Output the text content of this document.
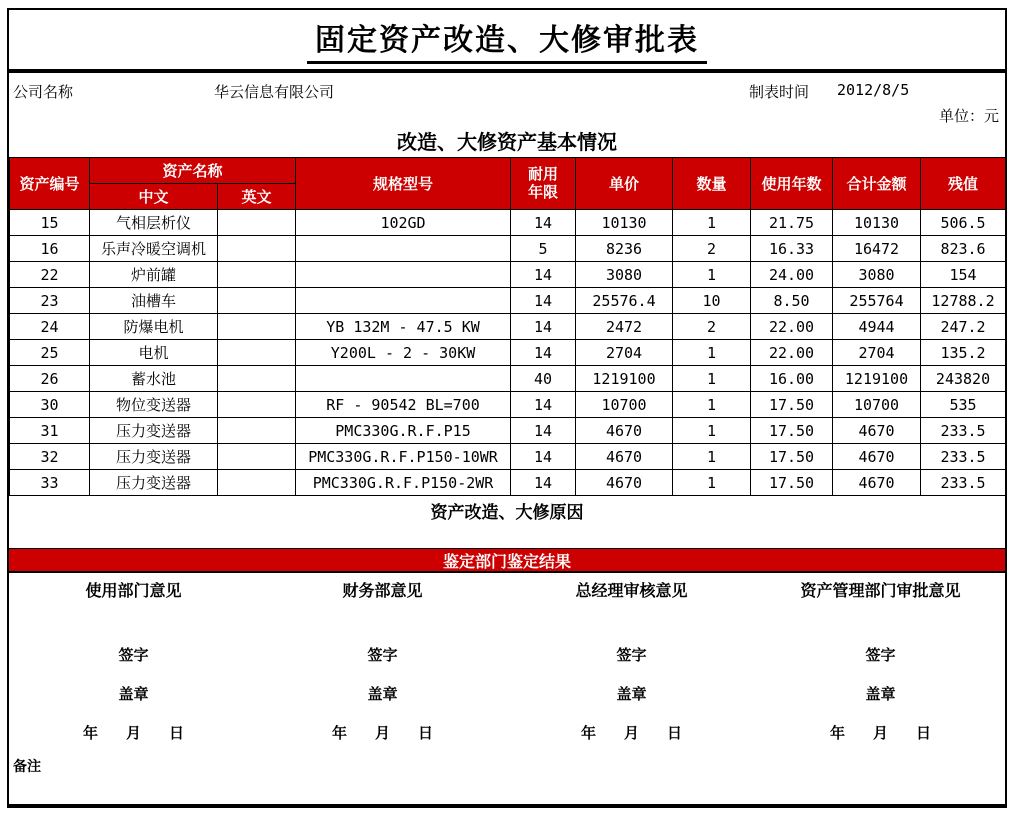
固定资产改造、大修审批表
公司名称	华云信息有限公司	制表时间 2012/8/5
单位：元
改造、大修资产基本情况
资产编号	资产名称		规格型号	耐用年限	单价	数量	使用年数	合计金额	残值
	中文	英文							
15	气相层析仪		102GD	14	10130	1	21.75	10130	506.5
16	乐声冷暖空调机			5	8236	2	16.33	16472	823.6
22	炉前罐			14	3080	1	24.00	3080	154
23	油槽车			14	25576.4	10	8.50	255764	12788.2
24	防爆电机		YB 132M - 47.5 KW	14	2472	2	22.00	4944	247.2
25	电机		Y200L - 2 - 30KW	14	2704	1	22.00	2704	135.2
26	蓄水池			40	1219100	1	16.00	1219100	243820
30	物位变送器		RF - 90542 BL=700	14	10700	1	17.50	10700	535
31	压力变送器		PMC330G.R.F.P15	14	4670	1	17.50	4670	233.5
32	压力变送器		PMC330G.R.F.P150-10WR	14	4670	1	17.50	4670	233.5
33	压力变送器		PMC330G.R.F.P150-2WR	14	4670	1	17.50	4670	233.5
资产改造、大修原因
鉴定部门鉴定结果
使用部门意见
签字
盖章
年 月 日
财务部意见
签字
盖章
年 月 日
总经理审核意见
签字
盖章
年 月 日
资产管理部门审批意见
签字
盖章
年 月 日
备注
